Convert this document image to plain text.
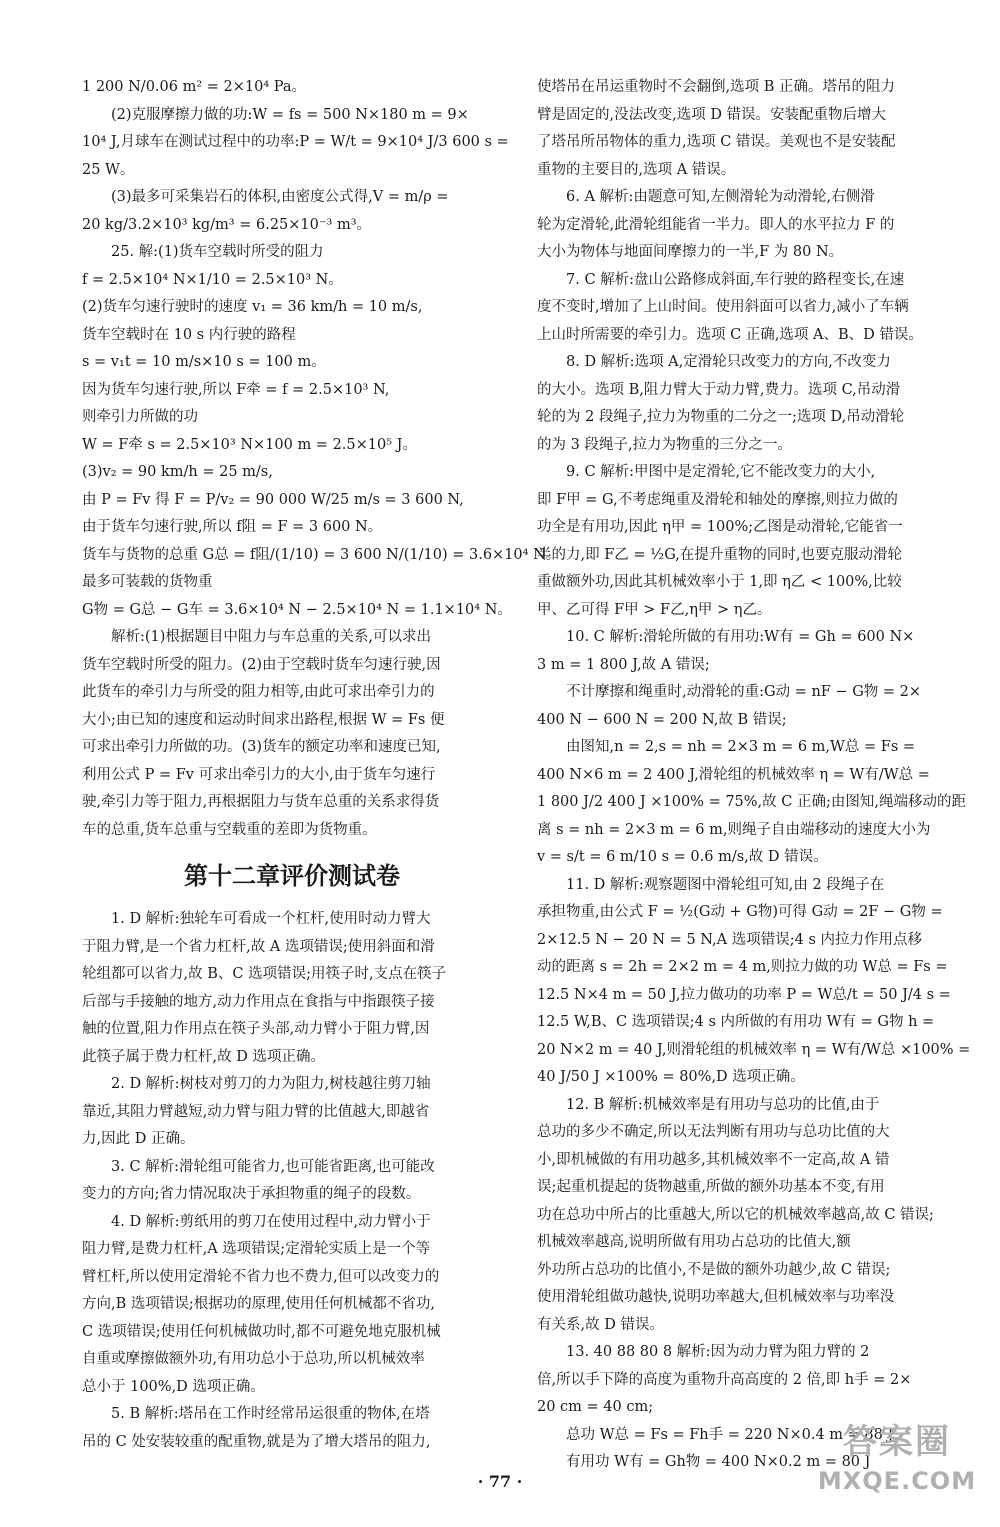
1 200 N/0.06 m² = 2×10⁴ Pa。
(2)克服摩擦力做的功:W = fs = 500 N×180 m = 9×
10⁴ J,月球车在测试过程中的功率:P = W/t = 9×10⁴ J/3 600 s =
25 W。
(3)最多可采集岩石的体积,由密度公式得,V = m/ρ =
20 kg/3.2×10³ kg/m³ = 6.25×10⁻³ m³。
25. 解:(1)货车空载时所受的阻力
f = 2.5×10⁴ N×1/10 = 2.5×10³ N。
(2)货车匀速行驶时的速度 v₁ = 36 km/h = 10 m/s,
货车空载时在 10 s 内行驶的路程
s = v₁t = 10 m/s×10 s = 100 m。
因为货车匀速行驶,所以 F牵 = f = 2.5×10³ N,
则牵引力所做的功
W = F牵 s = 2.5×10³ N×100 m = 2.5×10⁵ J。
(3)v₂ = 90 km/h = 25 m/s,
由 P = Fv 得 F = P/v₂ = 90 000 W/25 m/s = 3 600 N,
由于货车匀速行驶,所以 f阻 = F = 3 600 N。
货车与货物的总重 G总 = f阻/(1/10) = 3 600 N/(1/10) = 3.6×10⁴ N。
最多可装载的货物重
G物 = G总 − G车 = 3.6×10⁴ N − 2.5×10⁴ N = 1.1×10⁴ N。
解析:(1)根据题目中阻力与车总重的关系,可以求出
货车空载时所受的阻力。(2)由于空载时货车匀速行驶,因
此货车的牵引力与所受的阻力相等,由此可求出牵引力的
大小;由已知的速度和运动时间求出路程,根据 W = Fs 便
可求出牵引力所做的功。(3)货车的额定功率和速度已知,
利用公式 P = Fv 可求出牵引力的大小,由于货车匀速行
驶,牵引力等于阻力,再根据阻力与货车总重的关系求得货
车的总重,货车总重与空载重的差即为货物重。
第十二章评价测试卷
1. D 解析:独轮车可看成一个杠杆,使用时动力臂大
于阻力臂,是一个省力杠杆,故 A 选项错误;使用斜面和滑
轮组都可以省力,故 B、C 选项错误;用筷子时,支点在筷子
后部与手接触的地方,动力作用点在食指与中指跟筷子接
触的位置,阻力作用点在筷子头部,动力臂小于阻力臂,因
此筷子属于费力杠杆,故 D 选项正确。
2. D 解析:树枝对剪刀的力为阻力,树枝越往剪刀轴
靠近,其阻力臂越短,动力臂与阻力臂的比值越大,即越省
力,因此 D 正确。
3. C 解析:滑轮组可能省力,也可能省距离,也可能改
变力的方向;省力情况取决于承担物重的绳子的段数。
4. D 解析:剪纸用的剪刀在使用过程中,动力臂小于
阻力臂,是费力杠杆,A 选项错误;定滑轮实质上是一个等
臂杠杆,所以使用定滑轮不省力也不费力,但可以改变力的
方向,B 选项错误;根据功的原理,使用任何机械都不省功,
C 选项错误;使用任何机械做功时,都不可避免地克服机械
自重或摩擦做额外功,有用功总小于总功,所以机械效率
总小于 100%,D 选项正确。
5. B 解析:塔吊在工作时经常吊运很重的物体,在塔
吊的 C 处安装较重的配重物,就是为了增大塔吊的阻力,
使塔吊在吊运重物时不会翻倒,选项 B 正确。塔吊的阻力
臂是固定的,没法改变,选项 D 错误。安装配重物后增大
了塔吊所吊物体的重力,选项 C 错误。美观也不是安装配
重物的主要目的,选项 A 错误。
6. A 解析:由题意可知,左侧滑轮为动滑轮,右侧滑
轮为定滑轮,此滑轮组能省一半力。即人的水平拉力 F 的
大小为物体与地面间摩擦力的一半,F 为 80 N。
7. C 解析:盘山公路修成斜面,车行驶的路程变长,在速
度不变时,增加了上山时间。使用斜面可以省力,减小了车辆
上山时所需要的牵引力。选项 C 正确,选项 A、B、D 错误。
8. D 解析:选项 A,定滑轮只改变力的方向,不改变力
的大小。选项 B,阻力臂大于动力臂,费力。选项 C,吊动滑
轮的为 2 段绳子,拉力为物重的二分之一;选项 D,吊动滑轮
的为 3 段绳子,拉力为物重的三分之一。
9. C 解析:甲图中是定滑轮,它不能改变力的大小,
即 F甲 = G,不考虑绳重及滑轮和轴处的摩擦,则拉力做的
功全是有用功,因此 η甲 = 100%;乙图是动滑轮,它能省一
半的力,即 F乙 = ½G,在提升重物的同时,也要克服动滑轮
重做额外功,因此其机械效率小于 1,即 η乙 < 100%,比较
甲、乙可得 F甲 > F乙,η甲 > η乙。
10. C 解析:滑轮所做的有用功:W有 = Gh = 600 N×
3 m = 1 800 J,故 A 错误;
不计摩擦和绳重时,动滑轮的重:G动 = nF − G物 = 2×
400 N − 600 N = 200 N,故 B 错误;
由图知,n = 2,s = nh = 2×3 m = 6 m,W总 = Fs =
400 N×6 m = 2 400 J,滑轮组的机械效率 η = W有/W总 =
1 800 J/2 400 J ×100% = 75%,故 C 正确;由图知,绳端移动的距
离 s = nh = 2×3 m = 6 m,则绳子自由端移动的速度大小为
v = s/t = 6 m/10 s = 0.6 m/s,故 D 错误。
11. D 解析:观察题图中滑轮组可知,由 2 段绳子在
承担物重,由公式 F = ½(G动 + G物)可得 G动 = 2F − G物 =
2×12.5 N − 20 N = 5 N,A 选项错误;4 s 内拉力作用点移
动的距离 s = 2h = 2×2 m = 4 m,则拉力做的功 W总 = Fs =
12.5 N×4 m = 50 J,拉力做功的功率 P = W总/t = 50 J/4 s =
12.5 W,B、C 选项错误;4 s 内所做的有用功 W有 = G物 h =
20 N×2 m = 40 J,则滑轮组的机械效率 η = W有/W总 ×100% =
40 J/50 J ×100% = 80%,D 选项正确。
12. B 解析:机械效率是有用功与总功的比值,由于
总功的多少不确定,所以无法判断有用功与总功比值的大
小,即机械做的有用功越多,其机械效率不一定高,故 A 错
误;起重机提起的货物越重,所做的额外功基本不变,有用
功在总功中所占的比重越大,所以它的机械效率越高,故 C 错误;
机械效率越高,说明所做有用功占总功的比值大,额
外功所占总功的比值小,不是做的额外功越少,故 C 错误;
使用滑轮组做功越快,说明功率越大,但机械效率与功率没
有关系,故 D 错误。
13. 40 88 80 8 解析:因为动力臂为阻力臂的 2
倍,所以手下降的高度为重物升高高度的 2 倍,即 h手 = 2×
20 cm = 40 cm;
总功 W总 = Fs = Fh手 = 220 N×0.4 m = 88 J
有用功 W有 = Gh物 = 400 N×0.2 m = 80 J
· 77 ·
答案圈
MXQE.COM
